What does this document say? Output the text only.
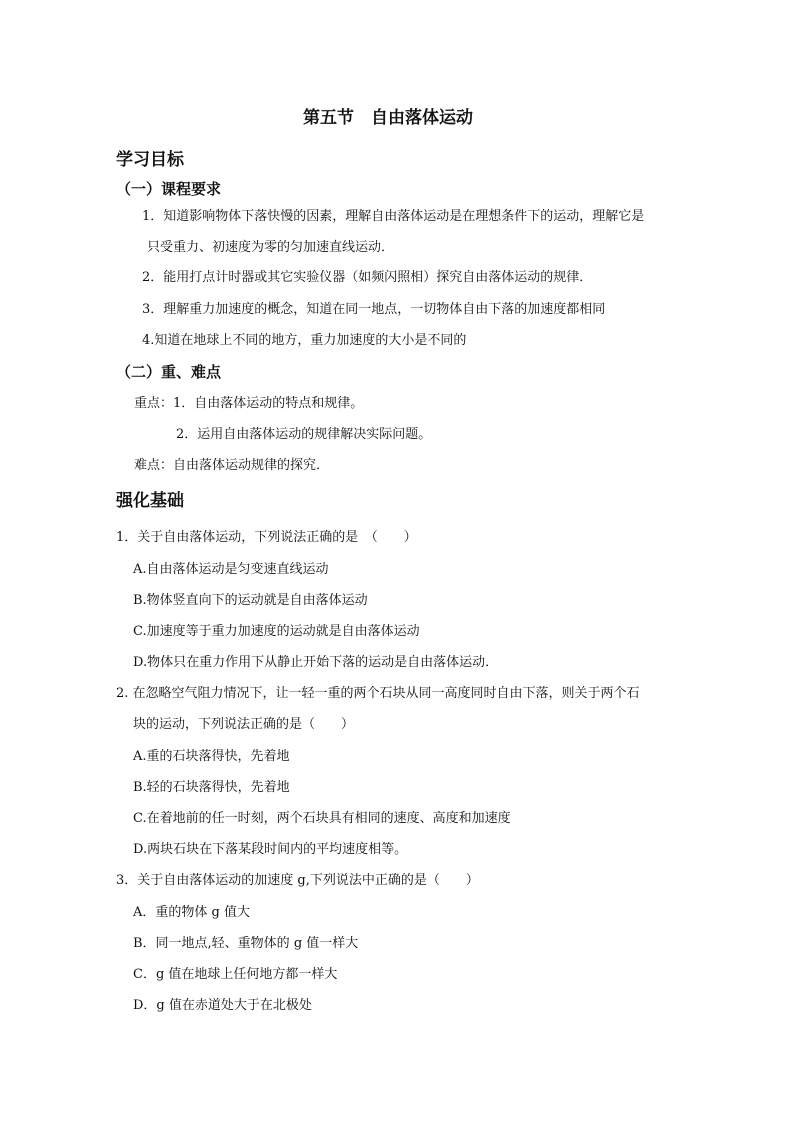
第五节　自由落体运动
学习目标
（一）课程要求
1．知道影响物体下落快慢的因素，理解自由落体运动是在理想条件下的运动，理解它是
只受重力、初速度为零的匀加速直线运动．
2．能用打点计时器或其它实验仪器（如频闪照相）探究自由落体运动的规律．
3．理解重力加速度的概念，知道在同一地点，一切物体自由下落的加速度都相同
4.知道在地球上不同的地方，重力加速度的大小是不同的
（二）重、难点
重点：1．自由落体运动的特点和规律。
2．运用自由落体运动的规律解决实际问题。
难点：自由落体运动规律的探究．
强化基础
1．关于自由落体运动，下列说法正确的是　（　　）
A.自由落体运动是匀变速直线运动
B.物体竖直向下的运动就是自由落体运动
C.加速度等于重力加速度的运动就是自由落体运动
D.物体只在重力作用下从静止开始下落的运动是自由落体运动．
2. 在忽略空气阻力情况下，让一轻一重的两个石块从同一高度同时自由下落，则关于两个石
块的运动，下列说法正确的是（　　）
A.重的石块落得快，先着地
B.轻的石块落得快，先着地
C.在着地前的任一时刻，两个石块具有相同的速度、高度和加速度
D.两块石块在下落某段时间内的平均速度相等。
3．关于自由落体运动的加速度 g,下列说法中正确的是（　　）
A．重的物体 g 值大
B．同一地点,轻、重物体的 g 值一样大
C．g 值在地球上任何地方都一样大
D．g 值在赤道处大于在北极处
